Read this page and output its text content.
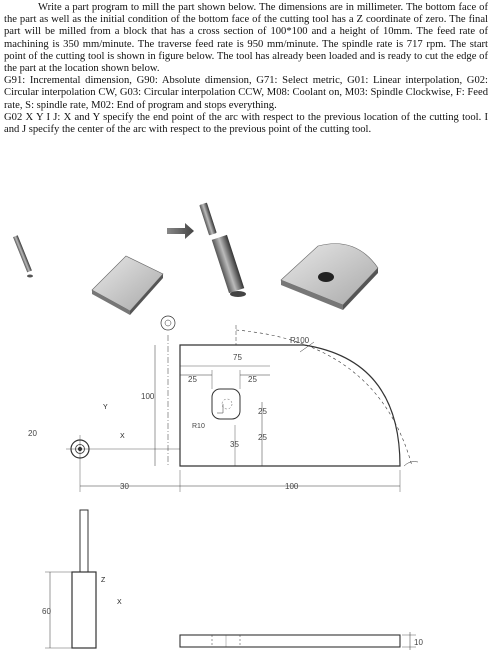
Write a part program to mill the part shown below. The dimensions are in millimeter. The bottom face of the part as well as the initial condition of the bottom face of the cutting tool has a Z coordinate of zero. The final part will be milled from a block that has a cross section of 100*100 and a height of 10mm. The feed rate of machining is 350 mm/minute. The traverse feed rate is 950 mm/minute. The spindle rate is 717 rpm. The start point of the cutting tool is shown in figure below. The tool has already been loaded and is ready to cut the edge of the part at the location shown below.

G91: Incremental dimension, G90: Absolute dimension, G71: Select metric, G01: Linear interpolation, G02: Circular interpolation CW, G03: Circular interpolation CCW, M08: Coolant on, M03: Spindle Clockwise, F: Feed rate, S: spindle rate, M02: End of program and stops everything.

G02 X Y I J: X and Y specify the end point of the arc with respect to the previous location of the cutting tool. I and J specify the center of the arc with respect to the previous point of the cutting tool.

R100
75
25	25
100
R10
25
35
25
20
30	100
Y
X
60
Z
X
10
